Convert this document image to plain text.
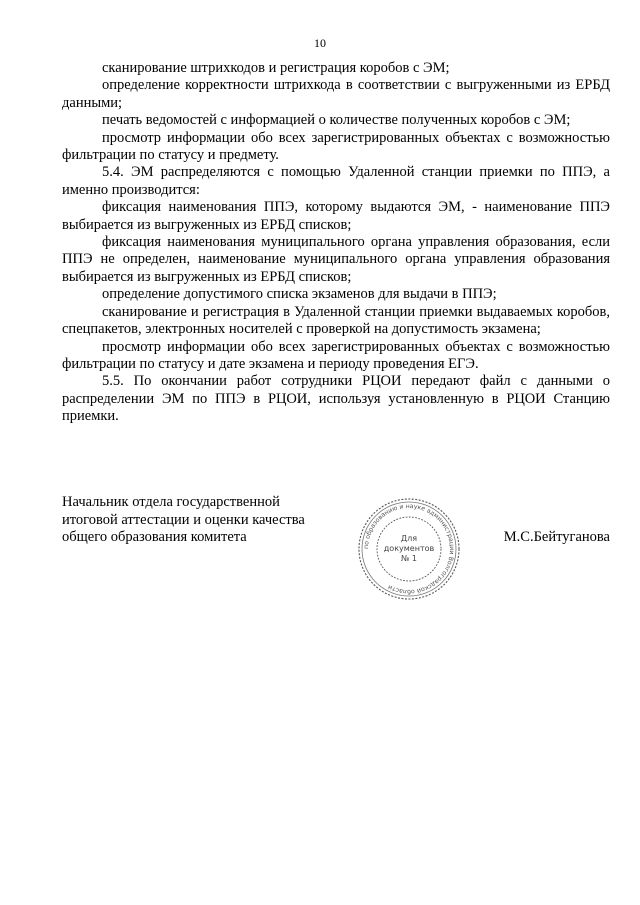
10

сканирование штрихкодов и регистрация коробов с ЭМ;

определение корректности штрихкода в соответствии с выгруженными из ЕРБД данными;

печать ведомостей с информацией о количестве полученных коробов с ЭМ;

просмотр информации обо всех зарегистрированных объектах с возможностью фильтрации по статусу и предмету.

5.4. ЭМ распределяются с помощью Удаленной станции приемки по ППЭ, а именно производится:

фиксация наименования ППЭ, которому выдаются ЭМ, - наименование ППЭ выбирается из выгруженных из ЕРБД списков;

фиксация наименования муниципального органа управления образования, если ППЭ не определен, наименование муниципального органа управления образования выбирается из выгруженных из ЕРБД списков;

определение допустимого списка экзаменов для выдачи в ППЭ;

сканирование и регистрация в Удаленной станции приемки выдаваемых коробов, спецпакетов, электронных носителей с проверкой на допустимость экзамена;

просмотр информации обо всех зарегистрированных объектах с возможностью фильтрации по статусу и дате экзамена и периоду проведения ЕГЭ.

5.5. По окончании работ сотрудники РЦОИ передают файл с данными о распределении ЭМ по ППЭ в РЦОИ, используя установленную в РЦОИ Станцию приемки.

Начальник отдела государственной
итоговой аттестации и оценки качества
общего образования комитета
по образованию и науке администрации Волгоградской области
Для
документов
№ 1
М.С.Бейтуганова
